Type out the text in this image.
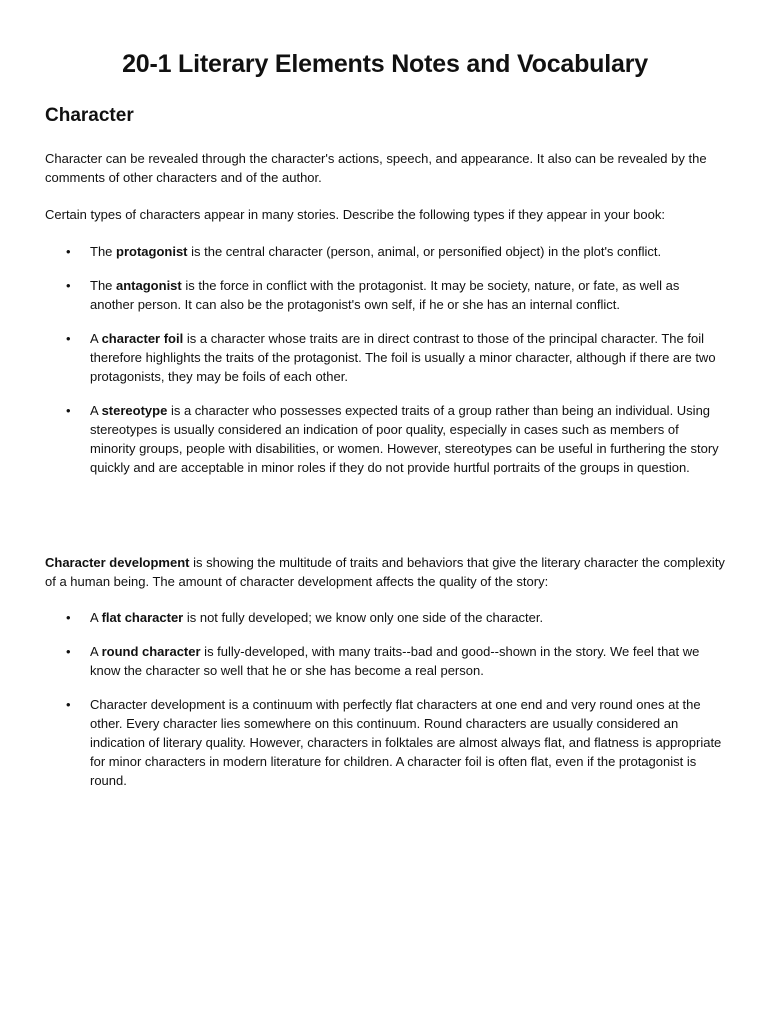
20-1 Literary Elements Notes and Vocabulary
Character

Character can be revealed through the character's actions, speech, and appearance. It also can be revealed by the comments of other characters and of the author.

Certain types of characters appear in many stories. Describe the following types if they appear in your book:

• The protagonist is the central character (person, animal, or personified object) in the plot's conflict.
• The antagonist is the force in conflict with the protagonist. It may be society, nature, or fate, as well as another person. It can also be the protagonist's own self, if he or she has an internal conflict.
• A character foil is a character whose traits are in direct contrast to those of the principal character. The foil therefore highlights the traits of the protagonist. The foil is usually a minor character, although if there are two protagonists, they may be foils of each other.
• A stereotype is a character who possesses expected traits of a group rather than being an individual. Using stereotypes is usually considered an indication of poor quality, especially in cases such as members of minority groups, people with disabilities, or women. However, stereotypes can be useful in furthering the story quickly and are acceptable in minor roles if they do not provide hurtful portraits of the groups in question.

Character development is showing the multitude of traits and behaviors that give the literary character the complexity of a human being. The amount of character development affects the quality of the story:

• A flat character is not fully developed; we know only one side of the character.
• A round character is fully-developed, with many traits--bad and good--shown in the story. We feel that we know the character so well that he or she has become a real person.
• Character development is a continuum with perfectly flat characters at one end and very round ones at the other. Every character lies somewhere on this continuum. Round characters are usually considered an indication of literary quality. However, characters in folktales are almost always flat, and flatness is appropriate for minor characters in modern literature for children. A character foil is often flat, even if the protagonist is round.
